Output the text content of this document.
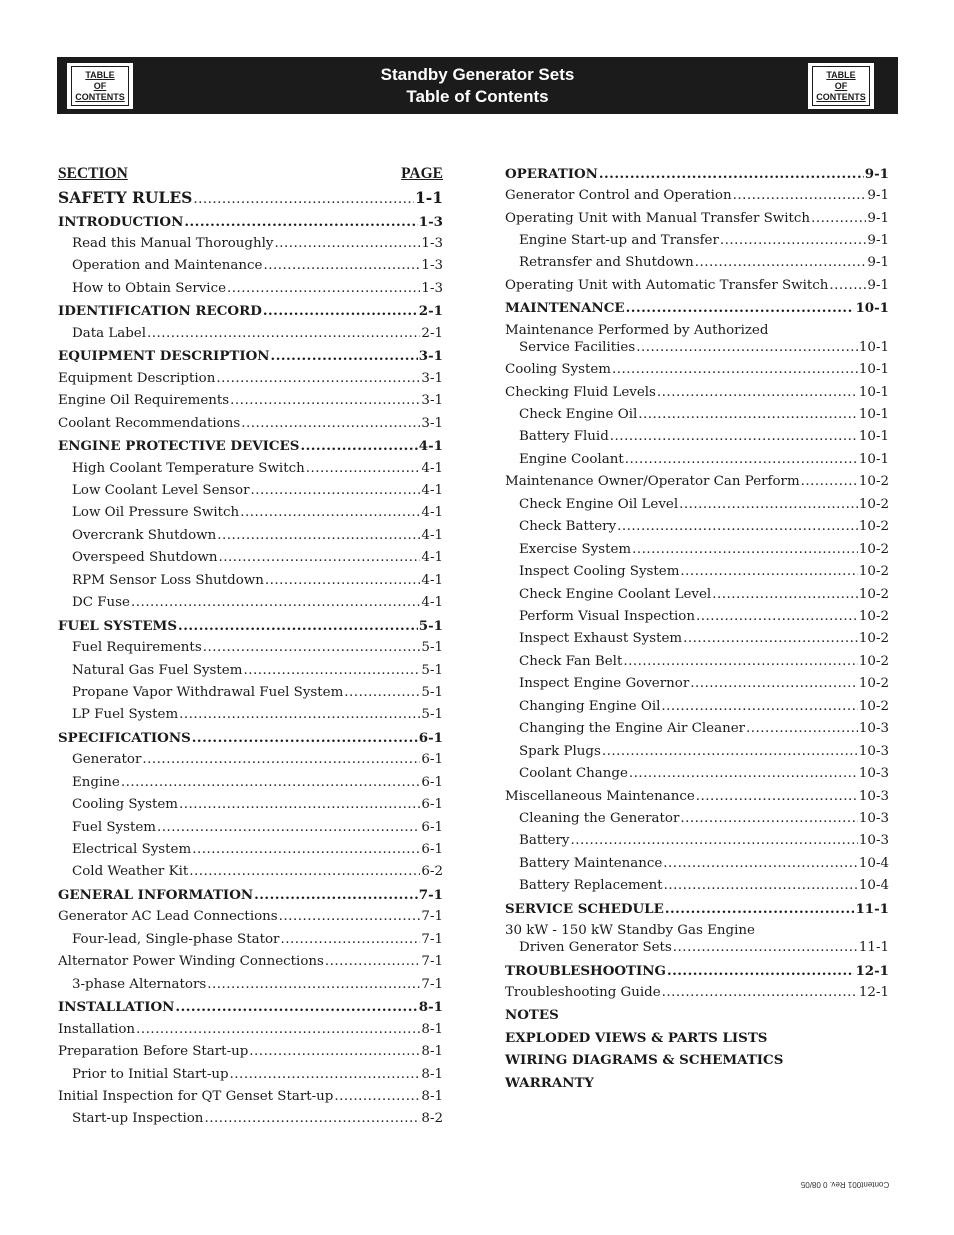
TABLE
OF
CONTENTS
Standby Generator Sets
Table of Contents
TABLE
OF
CONTENTS
SECTION	PAGE
SAFETY RULES .....	1-1
INTRODUCTION .....	1-3
Read this Manual Thoroughly .....	1-3
Operation and Maintenance .....	1-3
How to Obtain Service .....	1-3
IDENTIFICATION RECORD .....	2-1
Data Label .....	2-1
EQUIPMENT DESCRIPTION .....	3-1
Equipment Description .....	3-1
Engine Oil Requirements .....	3-1
Coolant Recommendations .....	3-1
ENGINE PROTECTIVE DEVICES .....	4-1
High Coolant Temperature Switch .....	4-1
Low Coolant Level Sensor .....	4-1
Low Oil Pressure Switch .....	4-1
Overcrank Shutdown .....	4-1
Overspeed Shutdown .....	4-1
RPM Sensor Loss Shutdown .....	4-1
DC Fuse .....	4-1
FUEL SYSTEMS .....	5-1
Fuel Requirements .....	5-1
Natural Gas Fuel System .....	5-1
Propane Vapor Withdrawal Fuel System .....	5-1
LP Fuel System .....	5-1
SPECIFICATIONS .....	6-1
Generator .....	6-1
Engine .....	6-1
Cooling System .....	6-1
Fuel System .....	6-1
Electrical System .....	6-1
Cold Weather Kit .....	6-2
GENERAL INFORMATION .....	7-1
Generator AC Lead Connections .....	7-1
Four-lead, Single-phase Stator .....	7-1
Alternator Power Winding Connections .....	7-1
3-phase Alternators .....	7-1
INSTALLATION .....	8-1
Installation .....	8-1
Preparation Before Start-up .....	8-1
Prior to Initial Start-up .....	8-1
Initial Inspection for QT Genset Start-up .....	8-1
Start-up Inspection .....	8-2
OPERATION .....	9-1
Generator Control and Operation .....	9-1
Operating Unit with Manual Transfer Switch .....	9-1
Engine Start-up and Transfer .....	9-1
Retransfer and Shutdown .....	9-1
Operating Unit with Automatic Transfer Switch .....	9-1
MAINTENANCE .....	10-1
Maintenance Performed by Authorized
Service Facilities .....	10-1
Cooling System .....	10-1
Checking Fluid Levels .....	10-1
Check Engine Oil .....	10-1
Battery Fluid .....	10-1
Engine Coolant .....	10-1
Maintenance Owner/Operator Can Perform .....	10-2
Check Engine Oil Level .....	10-2
Check Battery .....	10-2
Exercise System .....	10-2
Inspect Cooling System .....	10-2
Check Engine Coolant Level .....	10-2
Perform Visual Inspection .....	10-2
Inspect Exhaust System .....	10-2
Check Fan Belt .....	10-2
Inspect Engine Governor .....	10-2
Changing Engine Oil .....	10-2
Changing the Engine Air Cleaner .....	10-3
Spark Plugs .....	10-3
Coolant Change .....	10-3
Miscellaneous Maintenance .....	10-3
Cleaning the Generator .....	10-3
Battery .....	10-3
Battery Maintenance .....	10-4
Battery Replacement .....	10-4
SERVICE SCHEDULE .....	11-1
30 kW - 150 kW Standby Gas Engine
Driven Generator Sets .....	11-1
TROUBLESHOOTING .....	12-1
Troubleshooting Guide .....	12-1
NOTES
EXPLODED VIEWS & PARTS LISTS
WIRING DIAGRAMS & SCHEMATICS
WARRANTY
Content001 Rev. 0 08/05
